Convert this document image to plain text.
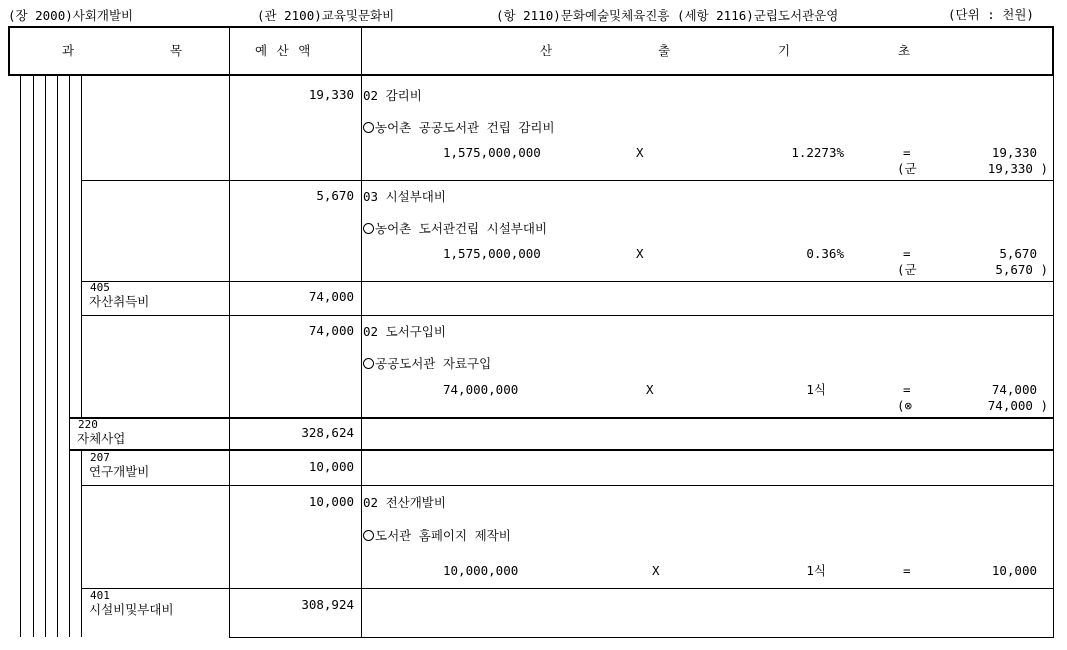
(장 2000)사회개발비	(관 2100)교육및문화비	(항 2110)문화예술및체육진흥 (세항 2116)군립도서관운영	(단위 : 천원)
과	목	예 산 액	산	출	기	초
19,330 02 감리비
농어촌 공공도서관 건립 감리비
1,575,000,000	X	1.2273%	=	19,330
(군	19,330 )
5,670 03 시설부대비
농어촌 도서관건립 시설부대비
1,575,000,000	X	0.36%	=	5,670
(군	5,670 )
405
자산취득비	74,000
74,000 02 도서구입비
공공도서관 자료구입
74,000,000	X	1식	=	74,000
(⊗	74,000 )
220
자체사업	328,624
207
연구개발비	10,000
10,000 02 전산개발비
도서관 홈페이지 제작비
10,000,000	X	1식	=	10,000
401
시설비및부대비	308,924
